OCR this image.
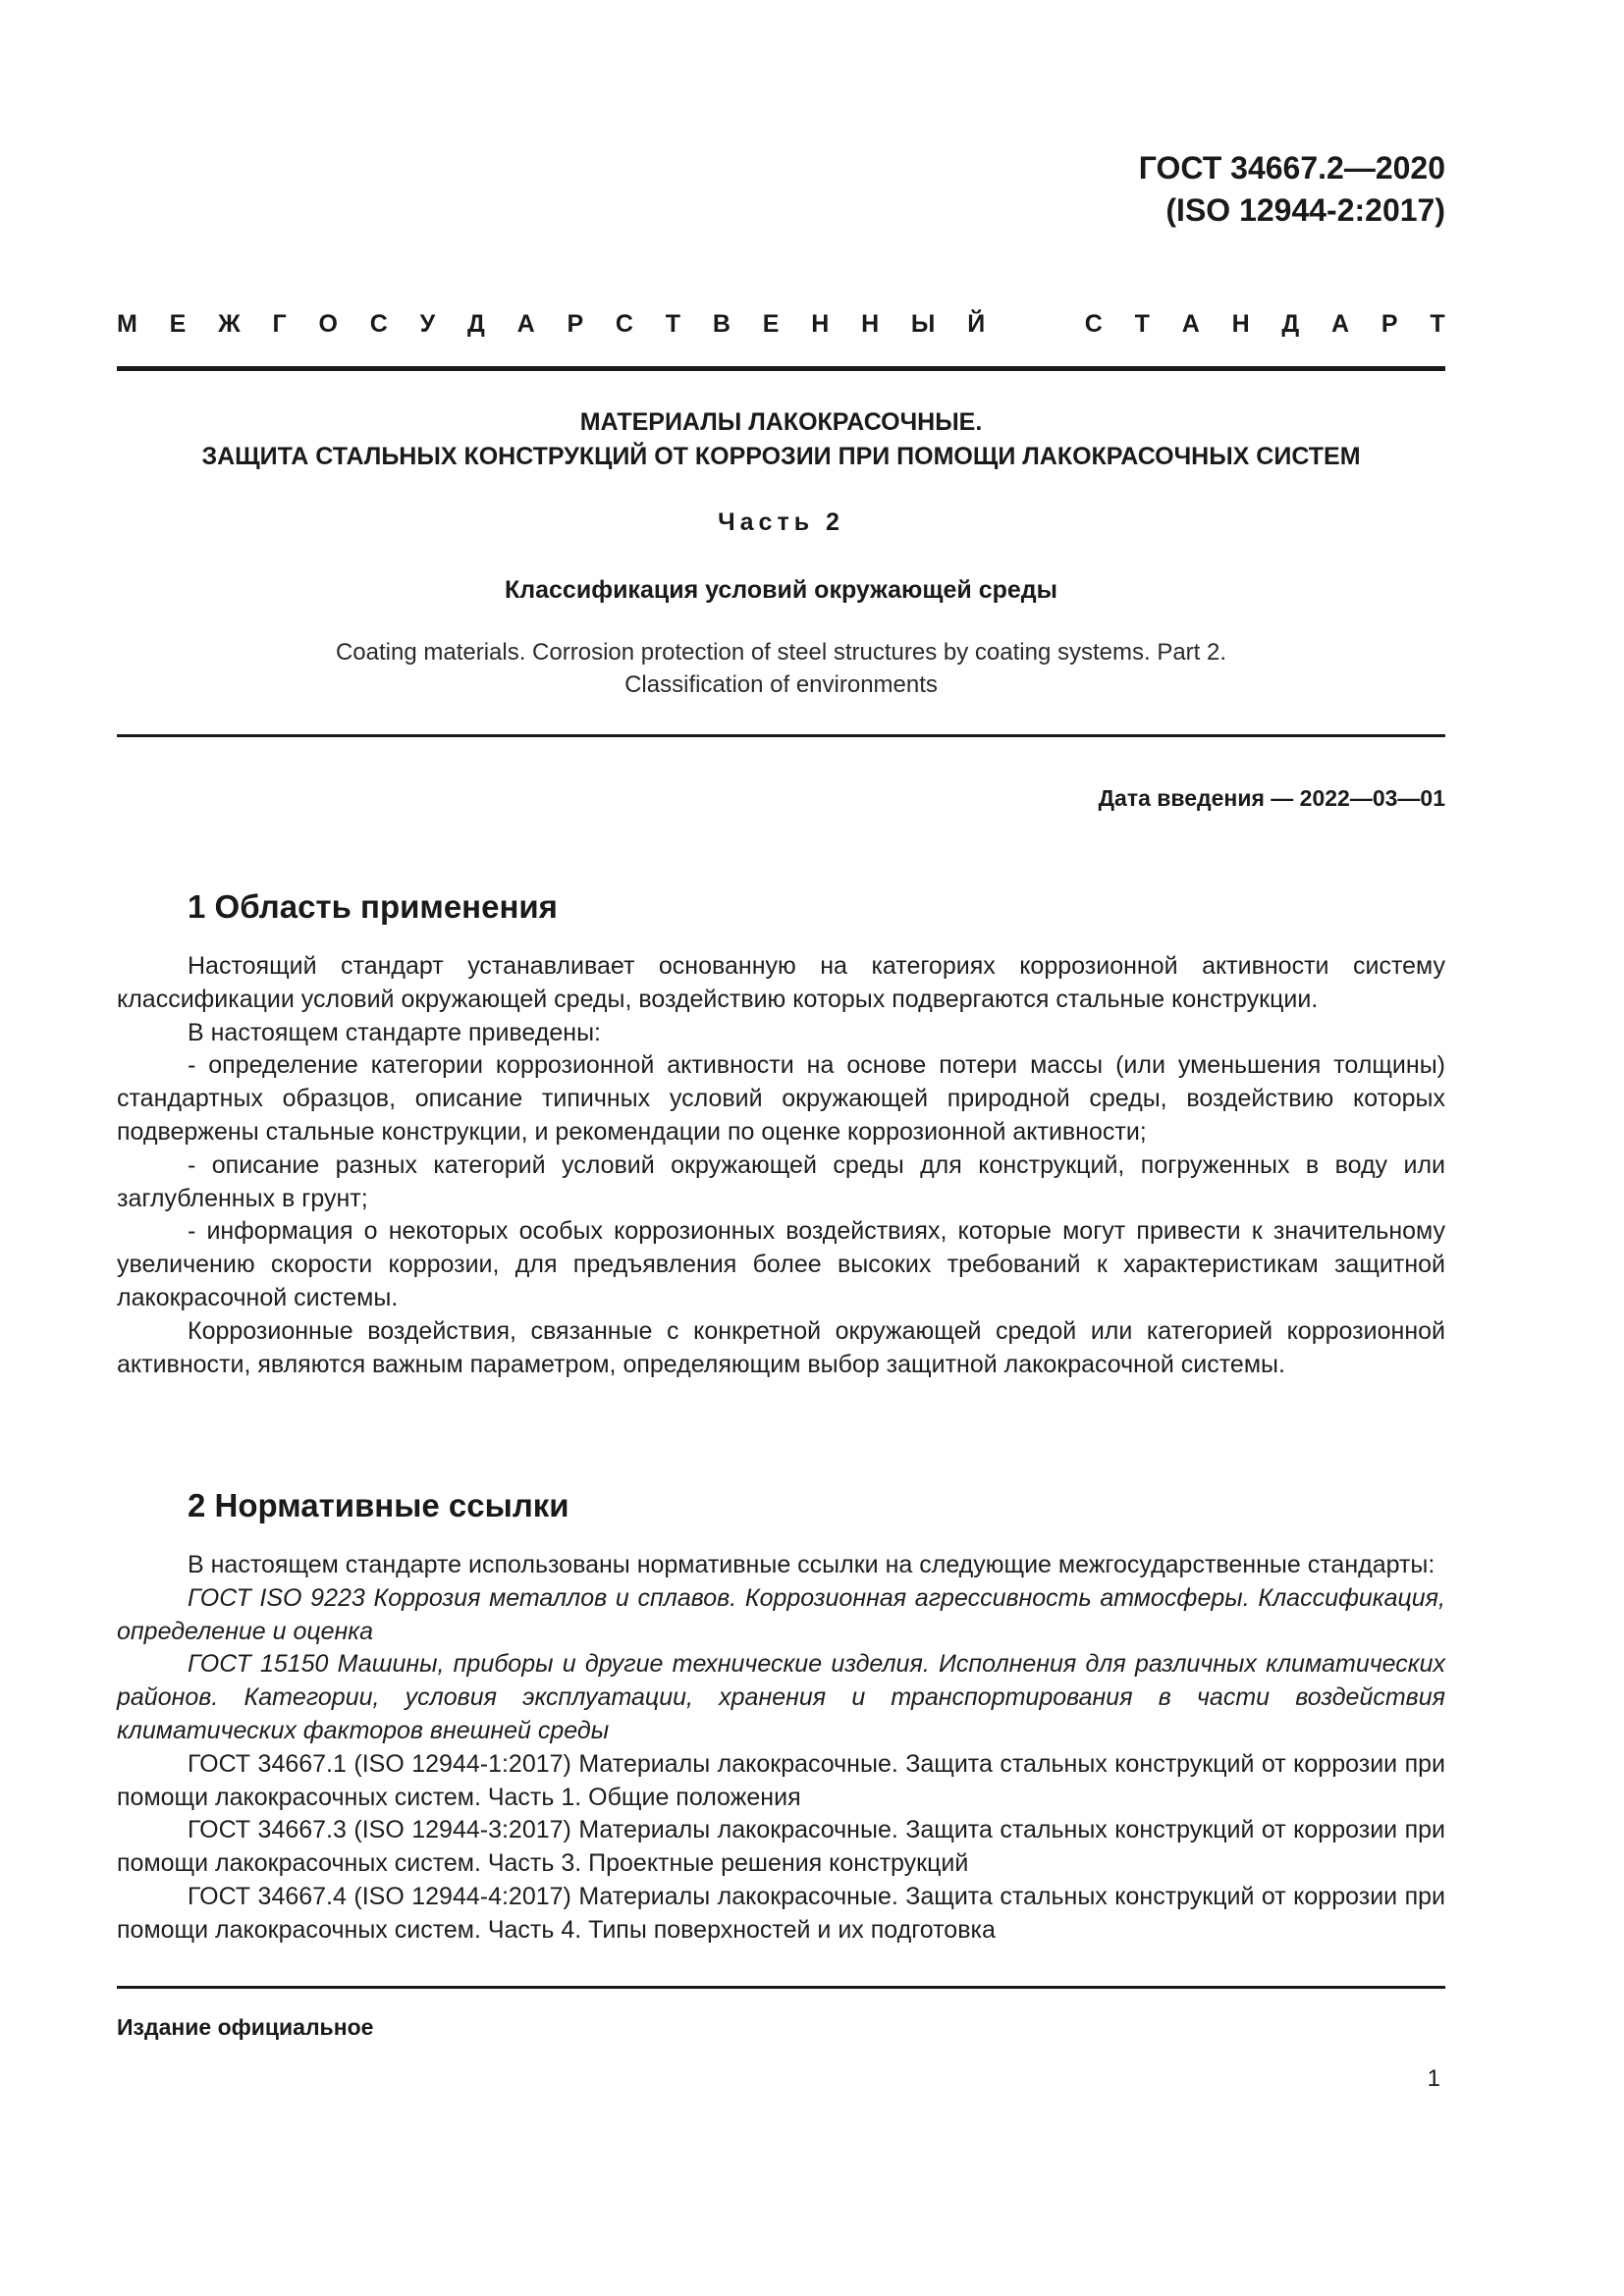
ГОСТ 34667.2—2020
(ISO 12944-2:2017)
М Е Ж Г О С У Д А Р С Т В Е Н Н Ы Й	С Т А Н Д А Р Т
МАТЕРИАЛЫ ЛАКОКРАСОЧНЫЕ.
ЗАЩИТА СТАЛЬНЫХ КОНСТРУКЦИЙ ОТ КОРРОЗИИ ПРИ ПОМОЩИ ЛАКОКРАСОЧНЫХ СИСТЕМ
Часть 2
Классификация условий окружающей среды
Coating materials. Corrosion protection of steel structures by coating systems. Part 2.
Classification of environments
Дата введения — 2022—03—01
1 Область применения

Настоящий стандарт устанавливает основанную на категориях коррозионной активности систему классификации условий окружающей среды, воздействию которых подвергаются стальные конструкции.

В настоящем стандарте приведены:

- определение категории коррозионной активности на основе потери массы (или уменьшения толщины) стандартных образцов, описание типичных условий окружающей природной среды, воздействию которых подвержены стальные конструкции, и рекомендации по оценке коррозионной активности;

- описание разных категорий условий окружающей среды для конструкций, погруженных в воду или заглубленных в грунт;

- информация о некоторых особых коррозионных воздействиях, которые могут привести к значительному увеличению скорости коррозии, для предъявления более высоких требований к характеристикам защитной лакокрасочной системы.

Коррозионные воздействия, связанные с конкретной окружающей средой или категорией коррозионной активности, являются важным параметром, определяющим выбор защитной лакокрасочной системы.

2 Нормативные ссылки

В настоящем стандарте использованы нормативные ссылки на следующие межгосударственные стандарты:

ГОСТ ISO 9223 Коррозия металлов и сплавов. Коррозионная агрессивность атмосферы. Классификация, определение и оценка

ГОСТ 15150 Машины, приборы и другие технические изделия. Исполнения для различных климатических районов. Категории, условия эксплуатации, хранения и транспортирования в части воздействия климатических факторов внешней среды

ГОСТ 34667.1 (ISO 12944-1:2017) Материалы лакокрасочные. Защита стальных конструкций от коррозии при помощи лакокрасочных систем. Часть 1. Общие положения

ГОСТ 34667.3 (ISO 12944-3:2017) Материалы лакокрасочные. Защита стальных конструкций от коррозии при помощи лакокрасочных систем. Часть 3. Проектные решения конструкций

ГОСТ 34667.4 (ISO 12944-4:2017) Материалы лакокрасочные. Защита стальных конструкций от коррозии при помощи лакокрасочных систем. Часть 4. Типы поверхностей и их подготовка

Издание официальное
1
